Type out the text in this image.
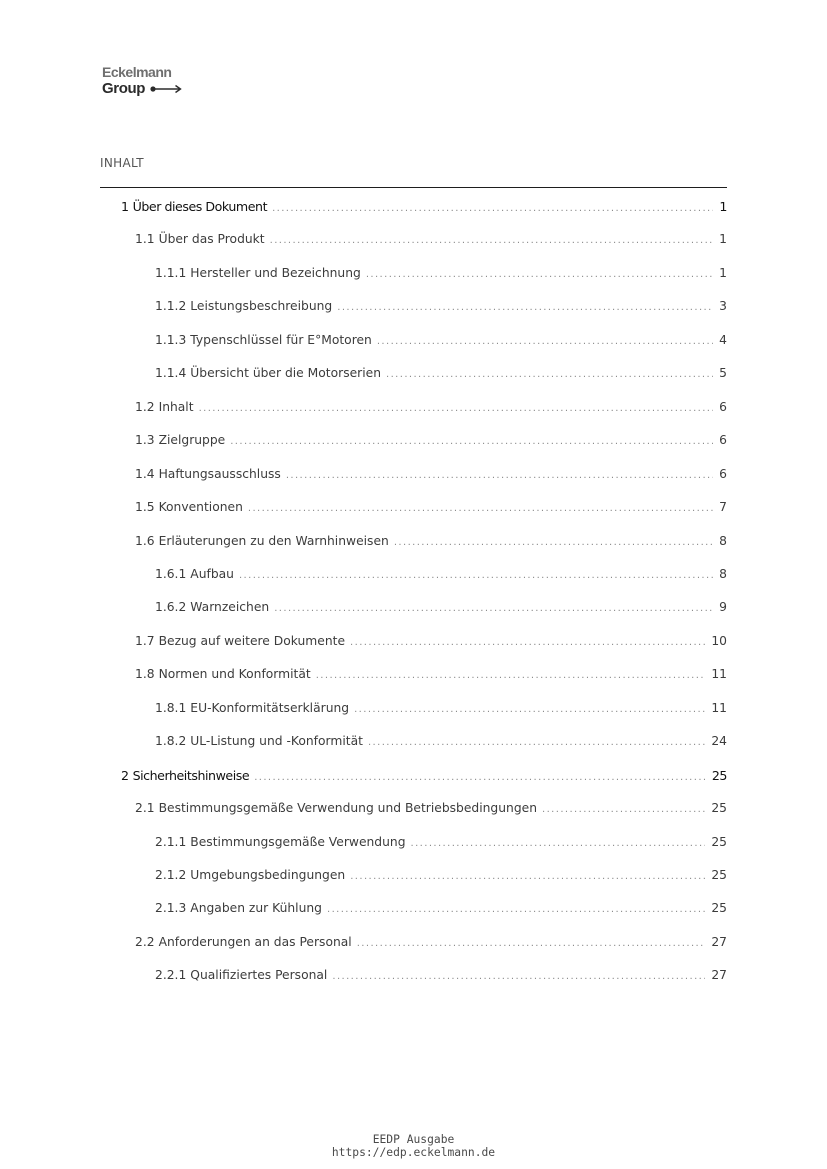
Eckelmann
Group
INHALT
1 Über dieses Dokument .....	1
1.1 Über das Produkt .....	1
1.1.1 Hersteller und Bezeichnung .....	1
1.1.2 Leistungsbeschreibung .....	3
1.1.3 Typenschlüssel für E°Motoren .....	4
1.1.4 Übersicht über die Motorserien .....	5
1.2 Inhalt .....	6
1.3 Zielgruppe .....	6
1.4 Haftungsausschluss .....	6
1.5 Konventionen .....	7
1.6 Erläuterungen zu den Warnhinweisen .....	8
1.6.1 Aufbau .....	8
1.6.2 Warnzeichen .....	9
1.7 Bezug auf weitere Dokumente .....	10
1.8 Normen und Konformität .....	11
1.8.1 EU-Konformitätserklärung .....	11
1.8.2 UL-Listung und -Konformität .....	24
2 Sicherheitshinweise .....	25
2.1 Bestimmungsgemäße Verwendung und Betriebsbedingungen .....	25
2.1.1 Bestimmungsgemäße Verwendung .....	25
2.1.2 Umgebungsbedingungen .....	25
2.1.3 Angaben zur Kühlung .....	25
2.2 Anforderungen an das Personal .....	27
2.2.1 Qualifiziertes Personal .....	27
EEDP Ausgabe
https://edp.eckelmann.de
